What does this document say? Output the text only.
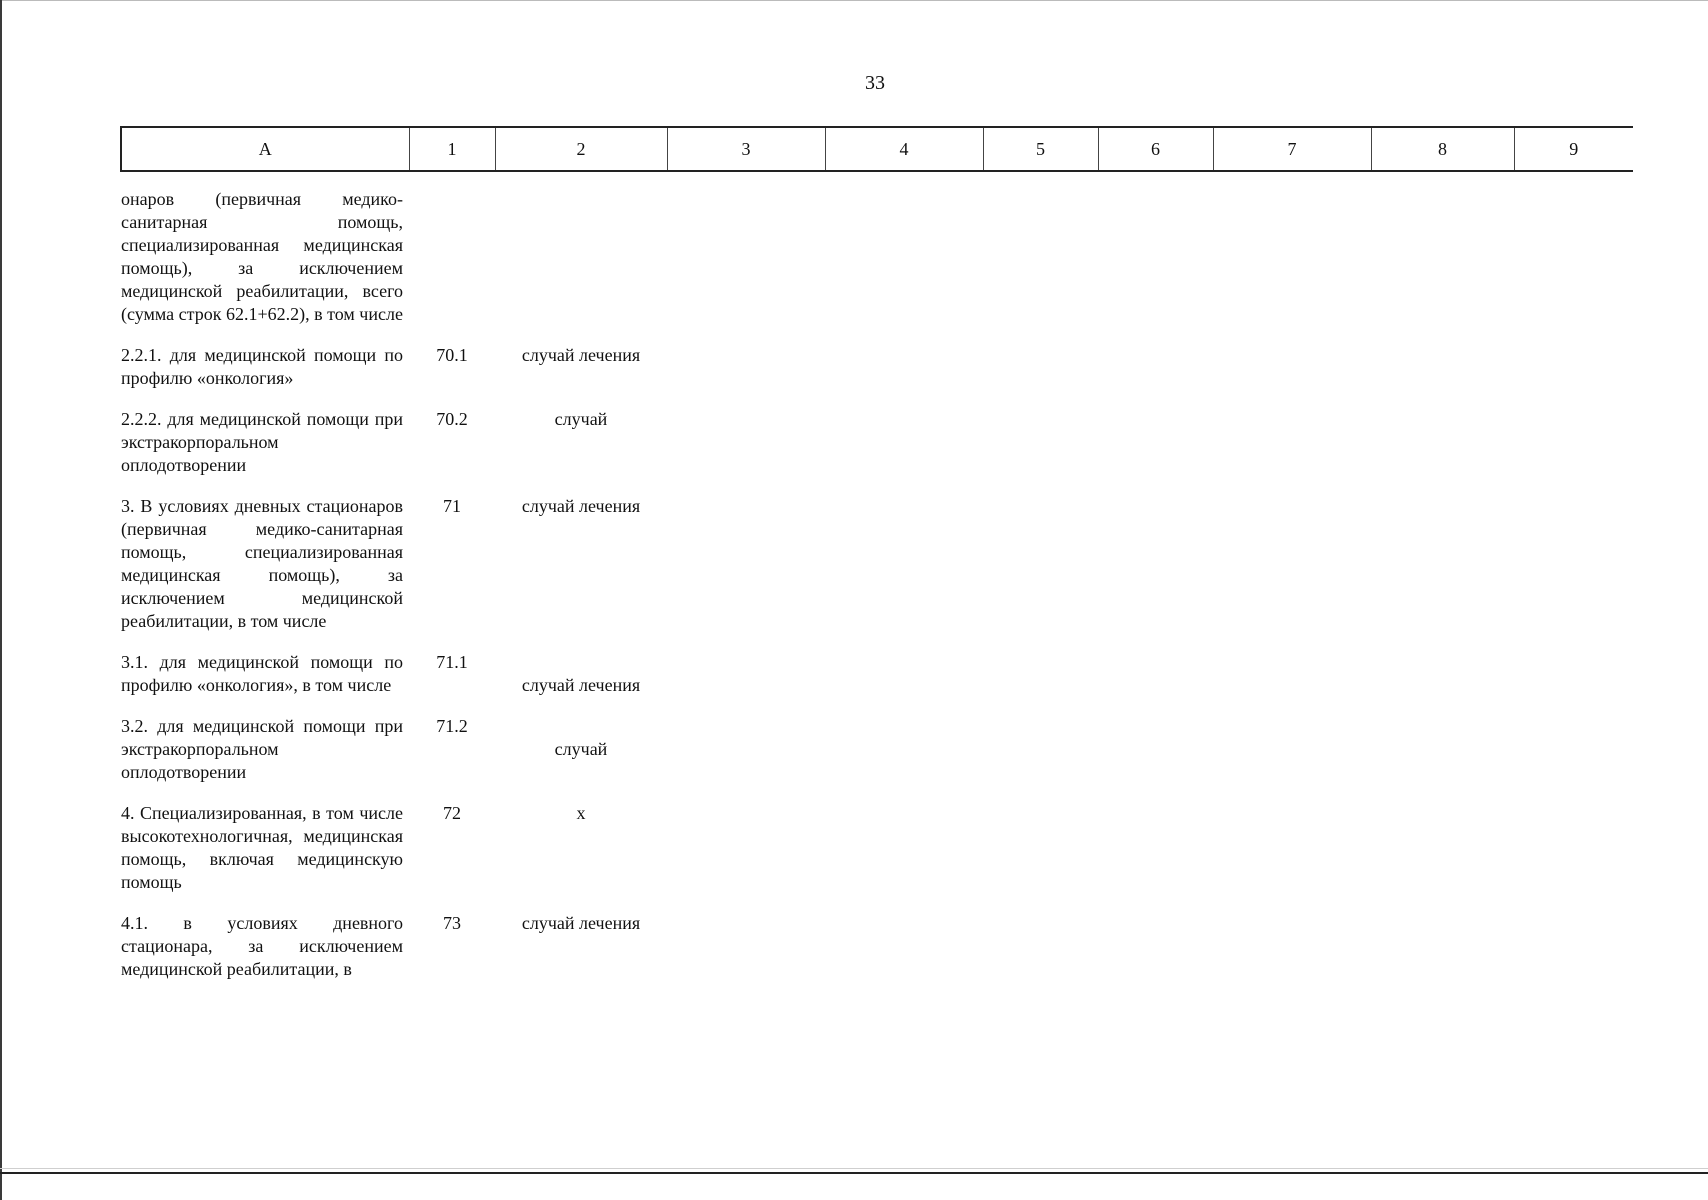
33
А	1	2	3	4	5	6	7	8	9
онаров (первичная медико-санитарная помощь, специализированная медицинская помощь), за исключением медицинской реабилитации, всего (сумма строк 62.1+62.2), в том числе									
2.2.1. для медицинской помощи по профилю «онкология»	70.1	случай лечения							
2.2.2. для медицинской помощи при экстракорпоральном оплодотворении	70.2	случай							
3. В условиях дневных стационаров (первичная медико-санитарная помощь, специализированная медицинская помощь), за исключением медицинской реабилитации, в том числе	71	случай лечения							
3.1. для медицинской помощи по профилю «онкология», в том числе	71.1	случай лечения							
3.2. для медицинской помощи при экстракорпоральном оплодотворении	71.2	случай							
4. Специализированная, в том числе высокотехнологичная, медицинская помощь, включая медицинскую помощь	72	х							
4.1. в условиях дневного стационара, за исключением медицинской реабилитации, в	73	случай лечения							
